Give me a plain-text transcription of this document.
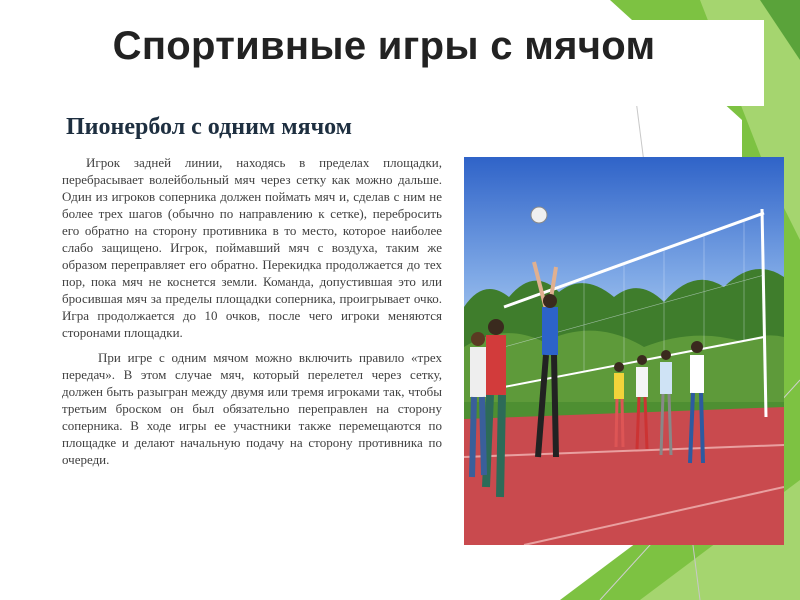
Спортивные игры с мячом
Пионербол с одним мячом

Игрок задней линии, находясь в пределах площадки, перебрасывает волейбольный мяч через сетку как можно дальше. Один из игроков соперника должен поймать мяч и, сделав с ним не более трех шагов (обычно по направлению к сетке), перебросить его обратно на сторону противника в то место, которое наиболее слабо защищено. Игрок, поймавший мяч с воздуха, таким же образом переправляет его обратно. Перекидка продолжается до тех пор, пока мяч не коснется земли. Команда, допустившая это или бросившая мяч за пределы площадки соперника, проигрывает очко. Игра продолжается до 10 очков, после чего игроки меняются сторонами площадки.

При игре с одним мячом можно включить правило «трех передач». В этом случае мяч, который перелетел через сетку, должен быть разыгран между двумя или тремя игроками так, чтобы третьим броском он был обязательно переправлен на сторону соперника. В ходе игры ее участники также перемещаются по площадке и делают начальную подачу на сторону противника по очереди.
